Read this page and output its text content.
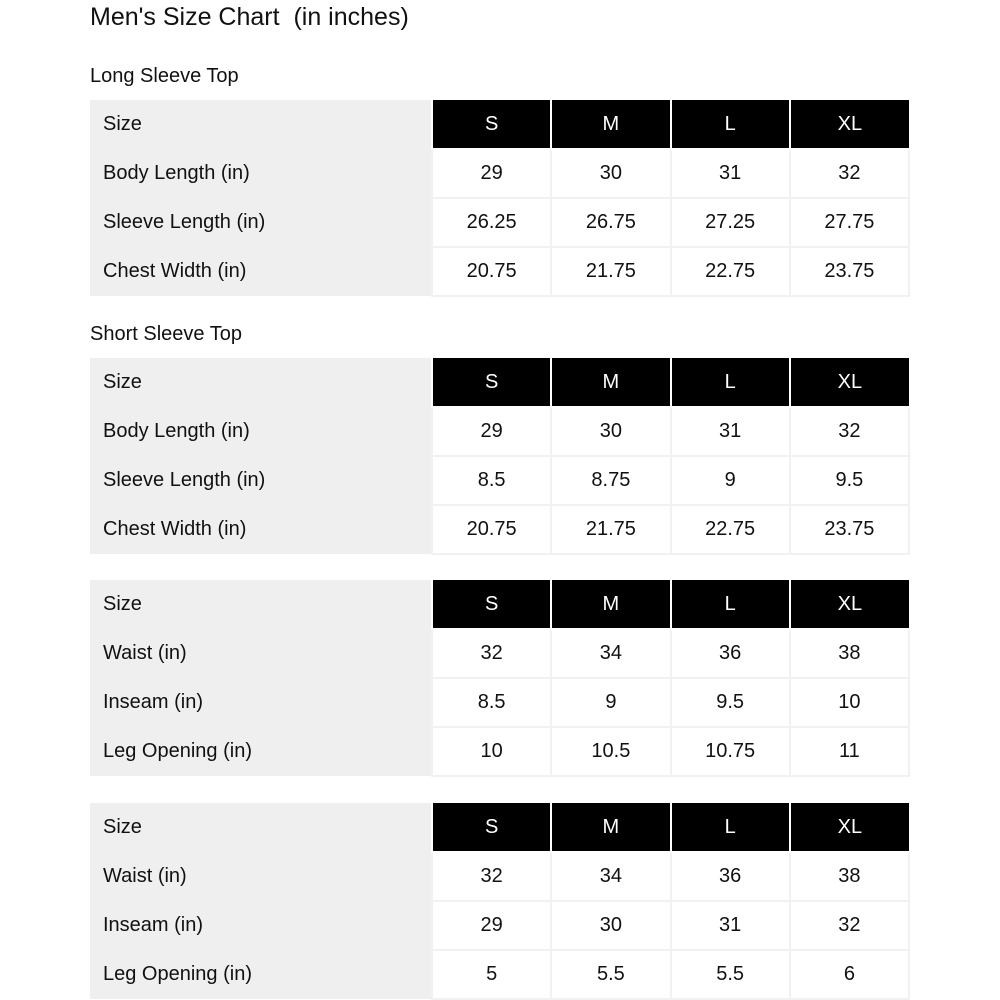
Men's Size Chart  (in inches)
Long Sleeve Top
Size	S	M	L	XL
Body Length (in)	29	30	31	32
Sleeve Length (in)	26.25	26.75	27.25	27.75
Chest Width (in)	20.75	21.75	22.75	23.75
Short Sleeve Top
Size	S	M	L	XL
Body Length (in)	29	30	31	32
Sleeve Length (in)	8.5	8.75	9	9.5
Chest Width (in)	20.75	21.75	22.75	23.75
Size	S	M	L	XL
Waist (in)	32	34	36	38
Inseam (in)	8.5	9	9.5	10
Leg Opening (in)	10	10.5	10.75	11
Size	S	M	L	XL
Waist (in)	32	34	36	38
Inseam (in)	29	30	31	32
Leg Opening (in)	5	5.5	5.5	6
